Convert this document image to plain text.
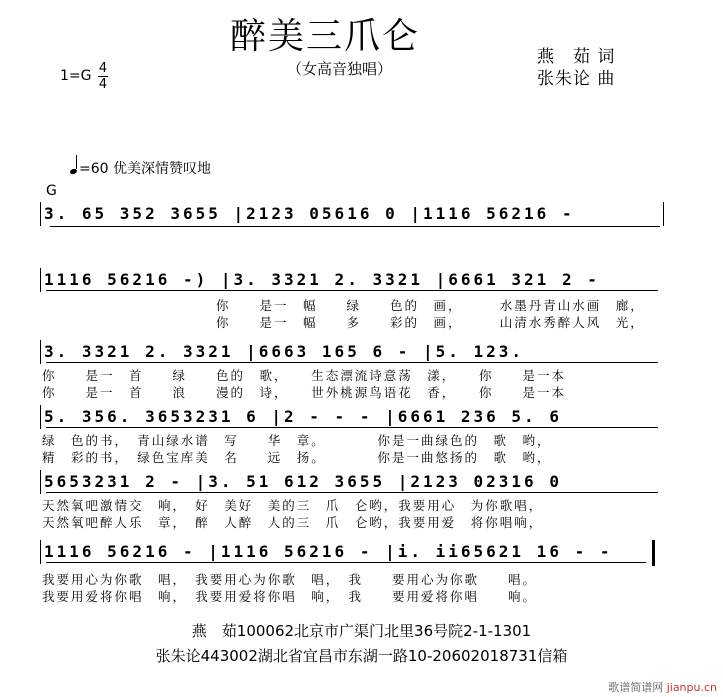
醉美三爪仑
（女高音独唱）
燕　茹 词
张朱论 曲
1=G 4
4
=60 优美深情赞叹地
G
3. 65 352 3655 |2123 05616 0 |1116 56216 -
1116 56216 -) |3. 3321 2. 3321 |6661 321 2 -
你　　是一　幅　　绿　　色的　画，　　　水墨丹青山水画　廊，
你　　是一　幅　　多　　彩的　画，　　　山清水秀醉人风　光，
3. 3321 2. 3321 |6663 165 6 - |5. 123.
你　　是一　首　　绿　　色的　歌，　　生态漂流诗意荡　漾，　　你　　是一本
你　　是一　首　　浪　　漫的　诗，　　世外桃源鸟语花　香，　　你　　是一本
5. 356. 3653231 6 |2 - - - |6661 236 5. 6
绿　色的书，　青山绿水谱　写　　华　章。　　　　你是一曲绿色的　歌　哟，
精　彩的书，　绿色宝库美　名　　远　扬。　　　　你是一曲悠扬的　歌　哟，
5653231 2 - |3. 51 612 3655 |2123 02316 0
天然氧吧激情交　响，　好　美好　美的三　爪　仑哟，我要用心　为你歌唱，
天然氧吧醉人乐　章，　醉　人醉　人的三　爪　仑哟，我要用爱　将你唱响，
1116 56216 - |1116 56216 - |i. ii65621 16 - -
我要用心为你歌　唱，　我要用心为你歌　唱，　我　　要用心为你歌　　唱。
我要用爱将你唱　响，　我要用爱将你唱　响，　我　　要用爱将你唱　　响。
燕　茹100062北京市广渠门北里36号院2-1-1301
张朱论443002湖北省宜昌市东湖一路10-20602018731信箱
歌谱简谱网 jianpu.cn
